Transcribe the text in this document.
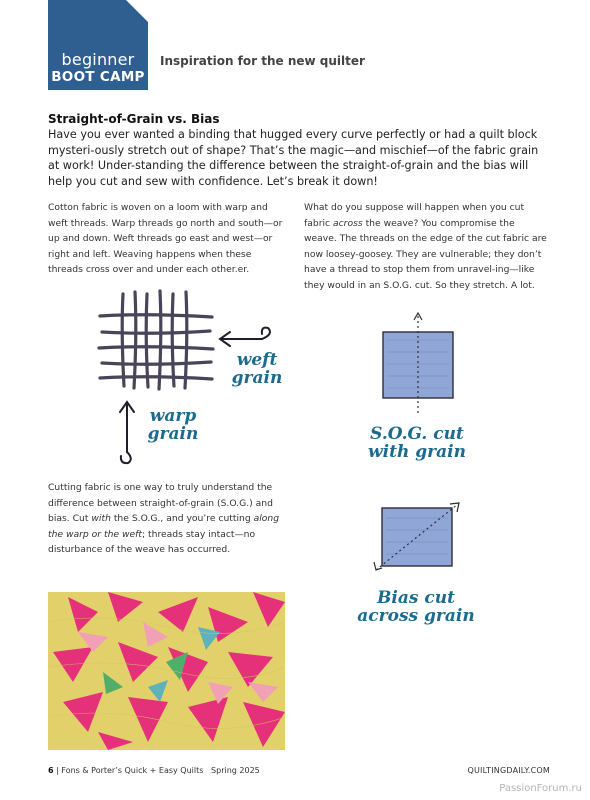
beginner
BOOT CAMP
Inspiration for the new quilter
Straight-of-Grain vs. Bias
Have you ever wanted a binding that hugged every curve perfectly or had a quilt block mysteri-ously stretch out of shape? That’s the magic—and mischief—of the fabric grain at work! Under-standing the difference between the straight-of-grain and the bias will help you cut and sew with confidence. Let’s break it down!
Cotton fabric is woven on a loom with warp and weft threads. Warp threads go north and south—or up and down. Weft threads go east and west—or right and left. Weaving happens when these threads cross over and under each other.er.
What do you suppose will happen when you cut fabric across the weave? You compromise the weave. The threads on the edge of the cut fabric are now loosey-goosey. They are vulnerable; they don’t have a thread to stop them from unravel-ing—like they would in an S.O.G. cut. So they stretch. A lot.
Cutting fabric is one way to truly understand the difference between straight-of-grain (S.O.G.) and bias. Cut with the S.O.G., and you’re cutting along the warp or the weft; threads stay intact—no disturbance of the weave has occurred.
weft
grain
warp
grain	S.O.G. cut
with grain
Bias cut
across grain
6 | Fons & Porter’s Quick + Easy Quilts Spring 2025	QUILTINGDAILY.COM
PassionForum.ru
